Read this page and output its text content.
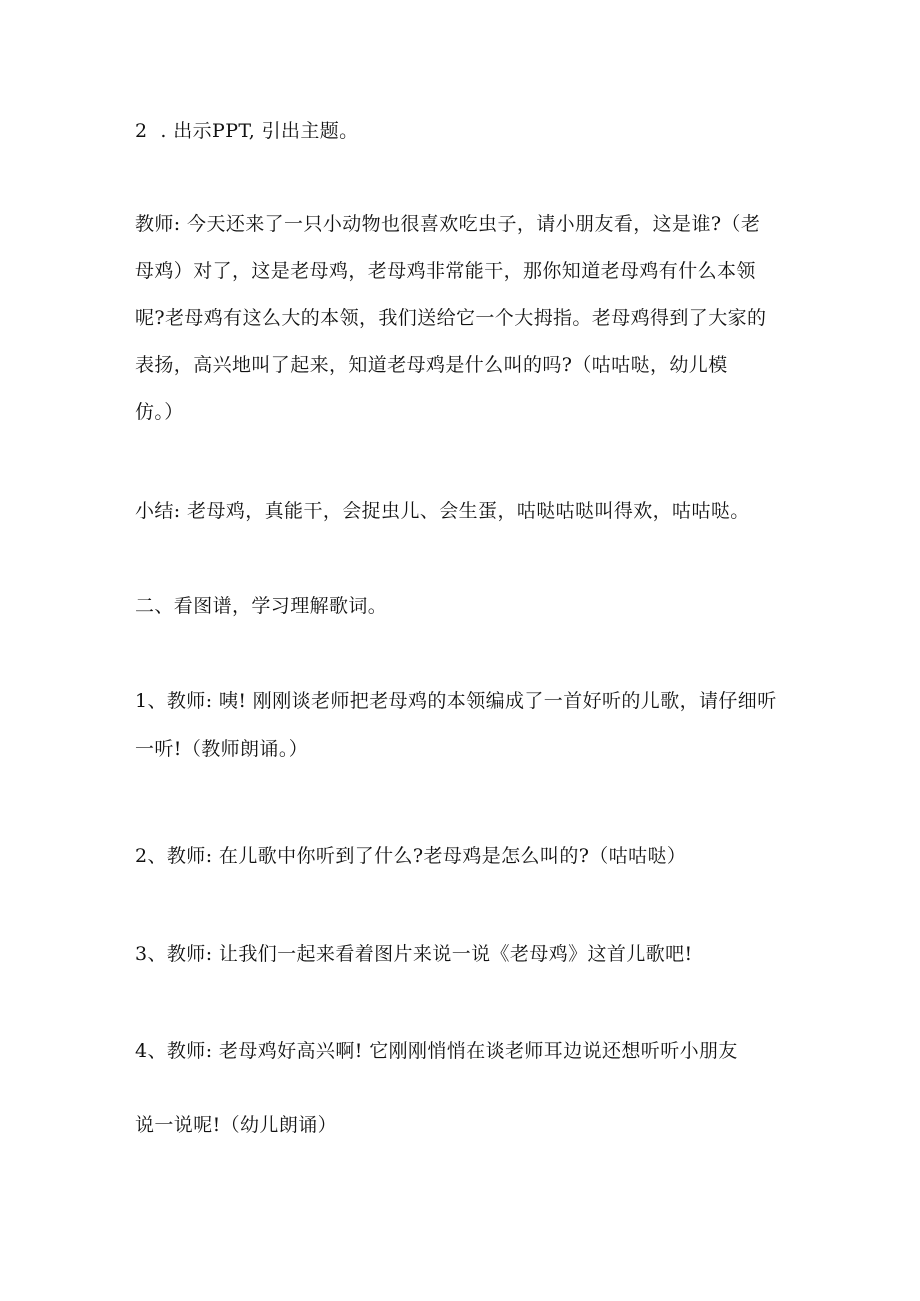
2  . 出示PPT, 引出主题。
教师: 今天还来了一只小动物也很喜欢吃虫子，请小朋友看，这是谁?（老
母鸡）对了，这是老母鸡，老母鸡非常能干，那你知道老母鸡有什么本领
呢?老母鸡有这么大的本领，我们送给它一个大拇指。老母鸡得到了大家的
表扬，高兴地叫了起来，知道老母鸡是什么叫的吗?（咕咕哒，幼儿模
仿。）
小结: 老母鸡，真能干，会捉虫儿、会生蛋，咕哒咕哒叫得欢，咕咕哒。
二、看图谱，学习理解歌词。
1、教师: 咦! 刚刚谈老师把老母鸡的本领编成了一首好听的儿歌，请仔细听
一听!（教师朗诵。）
2、教师: 在儿歌中你听到了什么?老母鸡是怎么叫的?（咕咕哒）
3、教师: 让我们一起来看着图片来说一说《老母鸡》这首儿歌吧!
4、教师: 老母鸡好高兴啊! 它刚刚悄悄在谈老师耳边说还想听听小朋友
说一说呢!（幼儿朗诵）
